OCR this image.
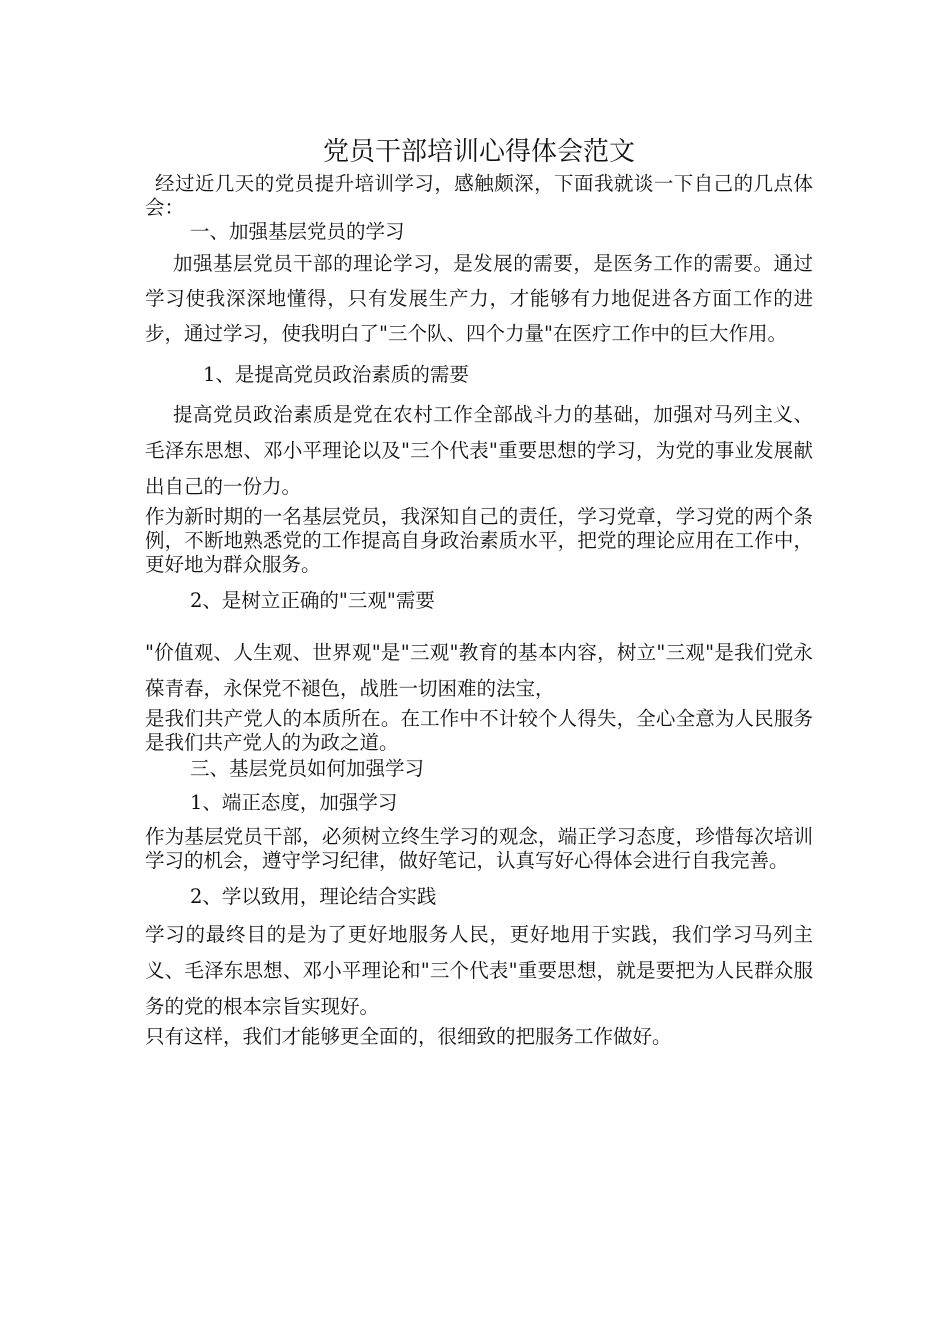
党员干部培训心得体会范文

经过近几天的党员提升培训学习，感触颇深，下面我就谈一下自己的几点体会：

一、加强基层党员的学习

加强基层党员干部的理论学习，是发展的需要，是医务工作的需要。通过学习使我深深地懂得，只有发展生产力，才能够有力地促进各方面工作的进步，通过学习，使我明白了"三个队、四个力量"在医疗工作中的巨大作用。

1、是提高党员政治素质的需要

提高党员政治素质是党在农村工作全部战斗力的基础，加强对马列主义、毛泽东思想、邓小平理论以及"三个代表"重要思想的学习，为党的事业发展献出自己的一份力。

作为新时期的一名基层党员，我深知自己的责任，学习党章，学习党的两个条例，不断地熟悉党的工作提高自身政治素质水平，把党的理论应用在工作中，更好地为群众服务。

2、是树立正确的"三观"需要

"价值观、人生观、世界观"是"三观"教育的基本内容，树立"三观"是我们党永葆青春，永保党不褪色，战胜一切困难的法宝，

是我们共产党人的本质所在。在工作中不计较个人得失，全心全意为人民服务是我们共产党人的为政之道。

三、基层党员如何加强学习

1、端正态度，加强学习

作为基层党员干部，必须树立终生学习的观念，端正学习态度，珍惜每次培训学习的机会，遵守学习纪律，做好笔记，认真写好心得体会进行自我完善。

2、学以致用，理论结合实践

学习的最终目的是为了更好地服务人民，更好地用于实践，我们学习马列主义、毛泽东思想、邓小平理论和"三个代表"重要思想，就是要把为人民群众服务的党的根本宗旨实现好。

只有这样，我们才能够更全面的，很细致的把服务工作做好。
